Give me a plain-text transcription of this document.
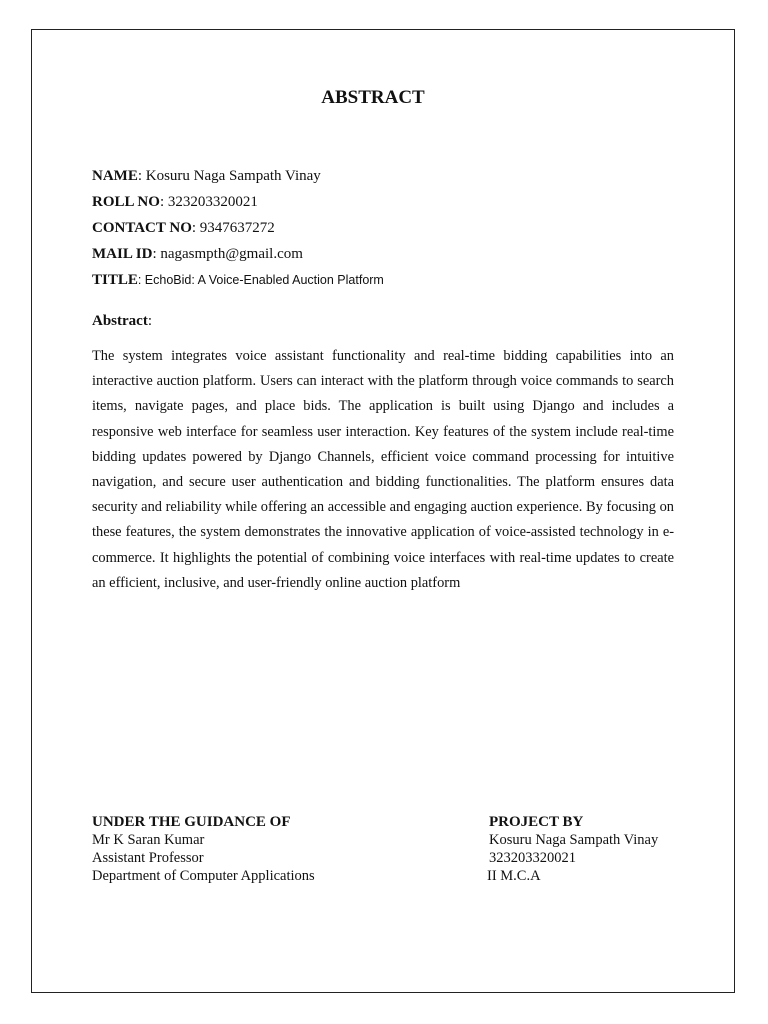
ABSTRACT
NAME: Kosuru Naga Sampath Vinay
ROLL NO: 323203320021
CONTACT NO: 9347637272
MAIL ID: nagasmpth@gmail.com
TITLE: EchoBid: A Voice-Enabled Auction Platform
Abstract:
The system integrates voice assistant functionality and real-time bidding capabilities into an interactive auction platform. Users can interact with the platform through voice commands to search items, navigate pages, and place bids. The application is built using Django and includes a responsive web interface for seamless user interaction. Key features of the system include real-time bidding updates powered by Django Channels, efficient voice command processing for intuitive navigation, and secure user authentication and bidding functionalities. The platform ensures data security and reliability while offering an accessible and engaging auction experience. By focusing on these features, the system demonstrates the innovative application of voice-assisted technology in e-commerce. It highlights the potential of combining voice interfaces with real-time updates to create an efficient, inclusive, and user-friendly online auction platform
UNDER THE GUIDANCE OF
Mr K Saran Kumar
Assistant Professor
Department of Computer Applications
PROJECT BY
Kosuru Naga Sampath Vinay
323203320021
II M.C.A
